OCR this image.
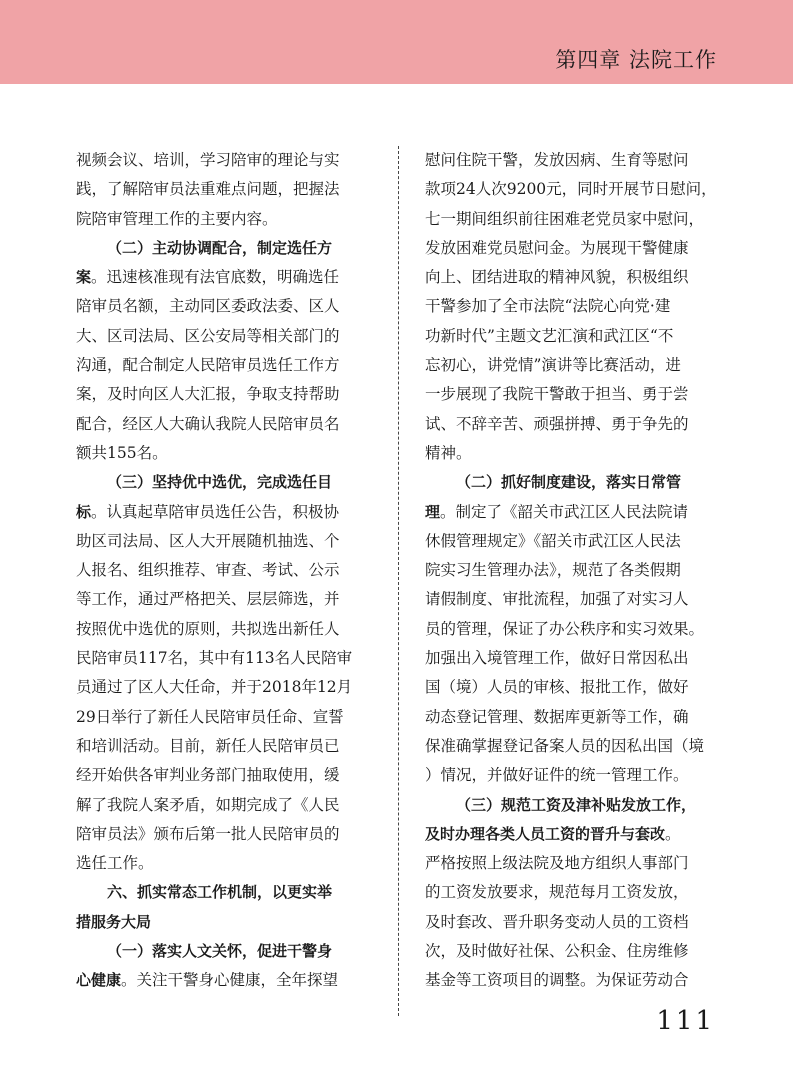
第四章 法院工作
视频会议、培训，学习陪审的理论与实
践，了解陪审员法重难点问题，把握法
院陪审管理工作的主要内容。
（二）主动协调配合，制定选任方
案。迅速核准现有法官底数，明确选任
陪审员名额，主动同区委政法委、区人
大、区司法局、区公安局等相关部门的
沟通，配合制定人民陪审员选任工作方
案，及时向区人大汇报，争取支持帮助
配合，经区人大确认我院人民陪审员名
额共155名。
（三）坚持优中选优，完成选任目
标。认真起草陪审员选任公告，积极协
助区司法局、区人大开展随机抽选、个
人报名、组织推荐、审查、考试、公示
等工作，通过严格把关、层层筛选，并
按照优中选优的原则，共拟选出新任人
民陪审员117名，其中有113名人民陪审
员通过了区人大任命，并于2018年12月
29日举行了新任人民陪审员任命、宣誓
和培训活动。目前，新任人民陪审员已
经开始供各审判业务部门抽取使用，缓
解了我院人案矛盾，如期完成了《人民
陪审员法》颁布后第一批人民陪审员的
选任工作。
六、抓实常态工作机制，以更实举
措服务大局
（一）落实人文关怀，促进干警身
心健康。关注干警身心健康，全年探望
慰问住院干警，发放因病、生育等慰问
款项24人次9200元，同时开展节日慰问，
七一期间组织前往困难老党员家中慰问，
发放困难党员慰问金。为展现干警健康
向上、团结进取的精神风貌，积极组织
干警参加了全市法院“法院心向党·建
功新时代”主题文艺汇演和武江区“不
忘初心，讲党情”演讲等比赛活动，进
一步展现了我院干警敢于担当、勇于尝
试、不辞辛苦、顽强拼搏、勇于争先的
精神。
（二）抓好制度建设，落实日常管
理。制定了《韶关市武江区人民法院请
休假管理规定》《韶关市武江区人民法
院实习生管理办法》，规范了各类假期
请假制度、审批流程，加强了对实习人
员的管理，保证了办公秩序和实习效果。
加强出入境管理工作，做好日常因私出
国（境）人员的审核、报批工作，做好
动态登记管理、数据库更新等工作，确
保准确掌握登记备案人员的因私出国（境
）情况，并做好证件的统一管理工作。
（三）规范工资及津补贴发放工作，
及时办理各类人员工资的晋升与套改。
严格按照上级法院及地方组织人事部门
的工资发放要求，规范每月工资发放，
及时套改、晋升职务变动人员的工资档
次，及时做好社保、公积金、住房维修
基金等工资项目的调整。为保证劳动合
111
